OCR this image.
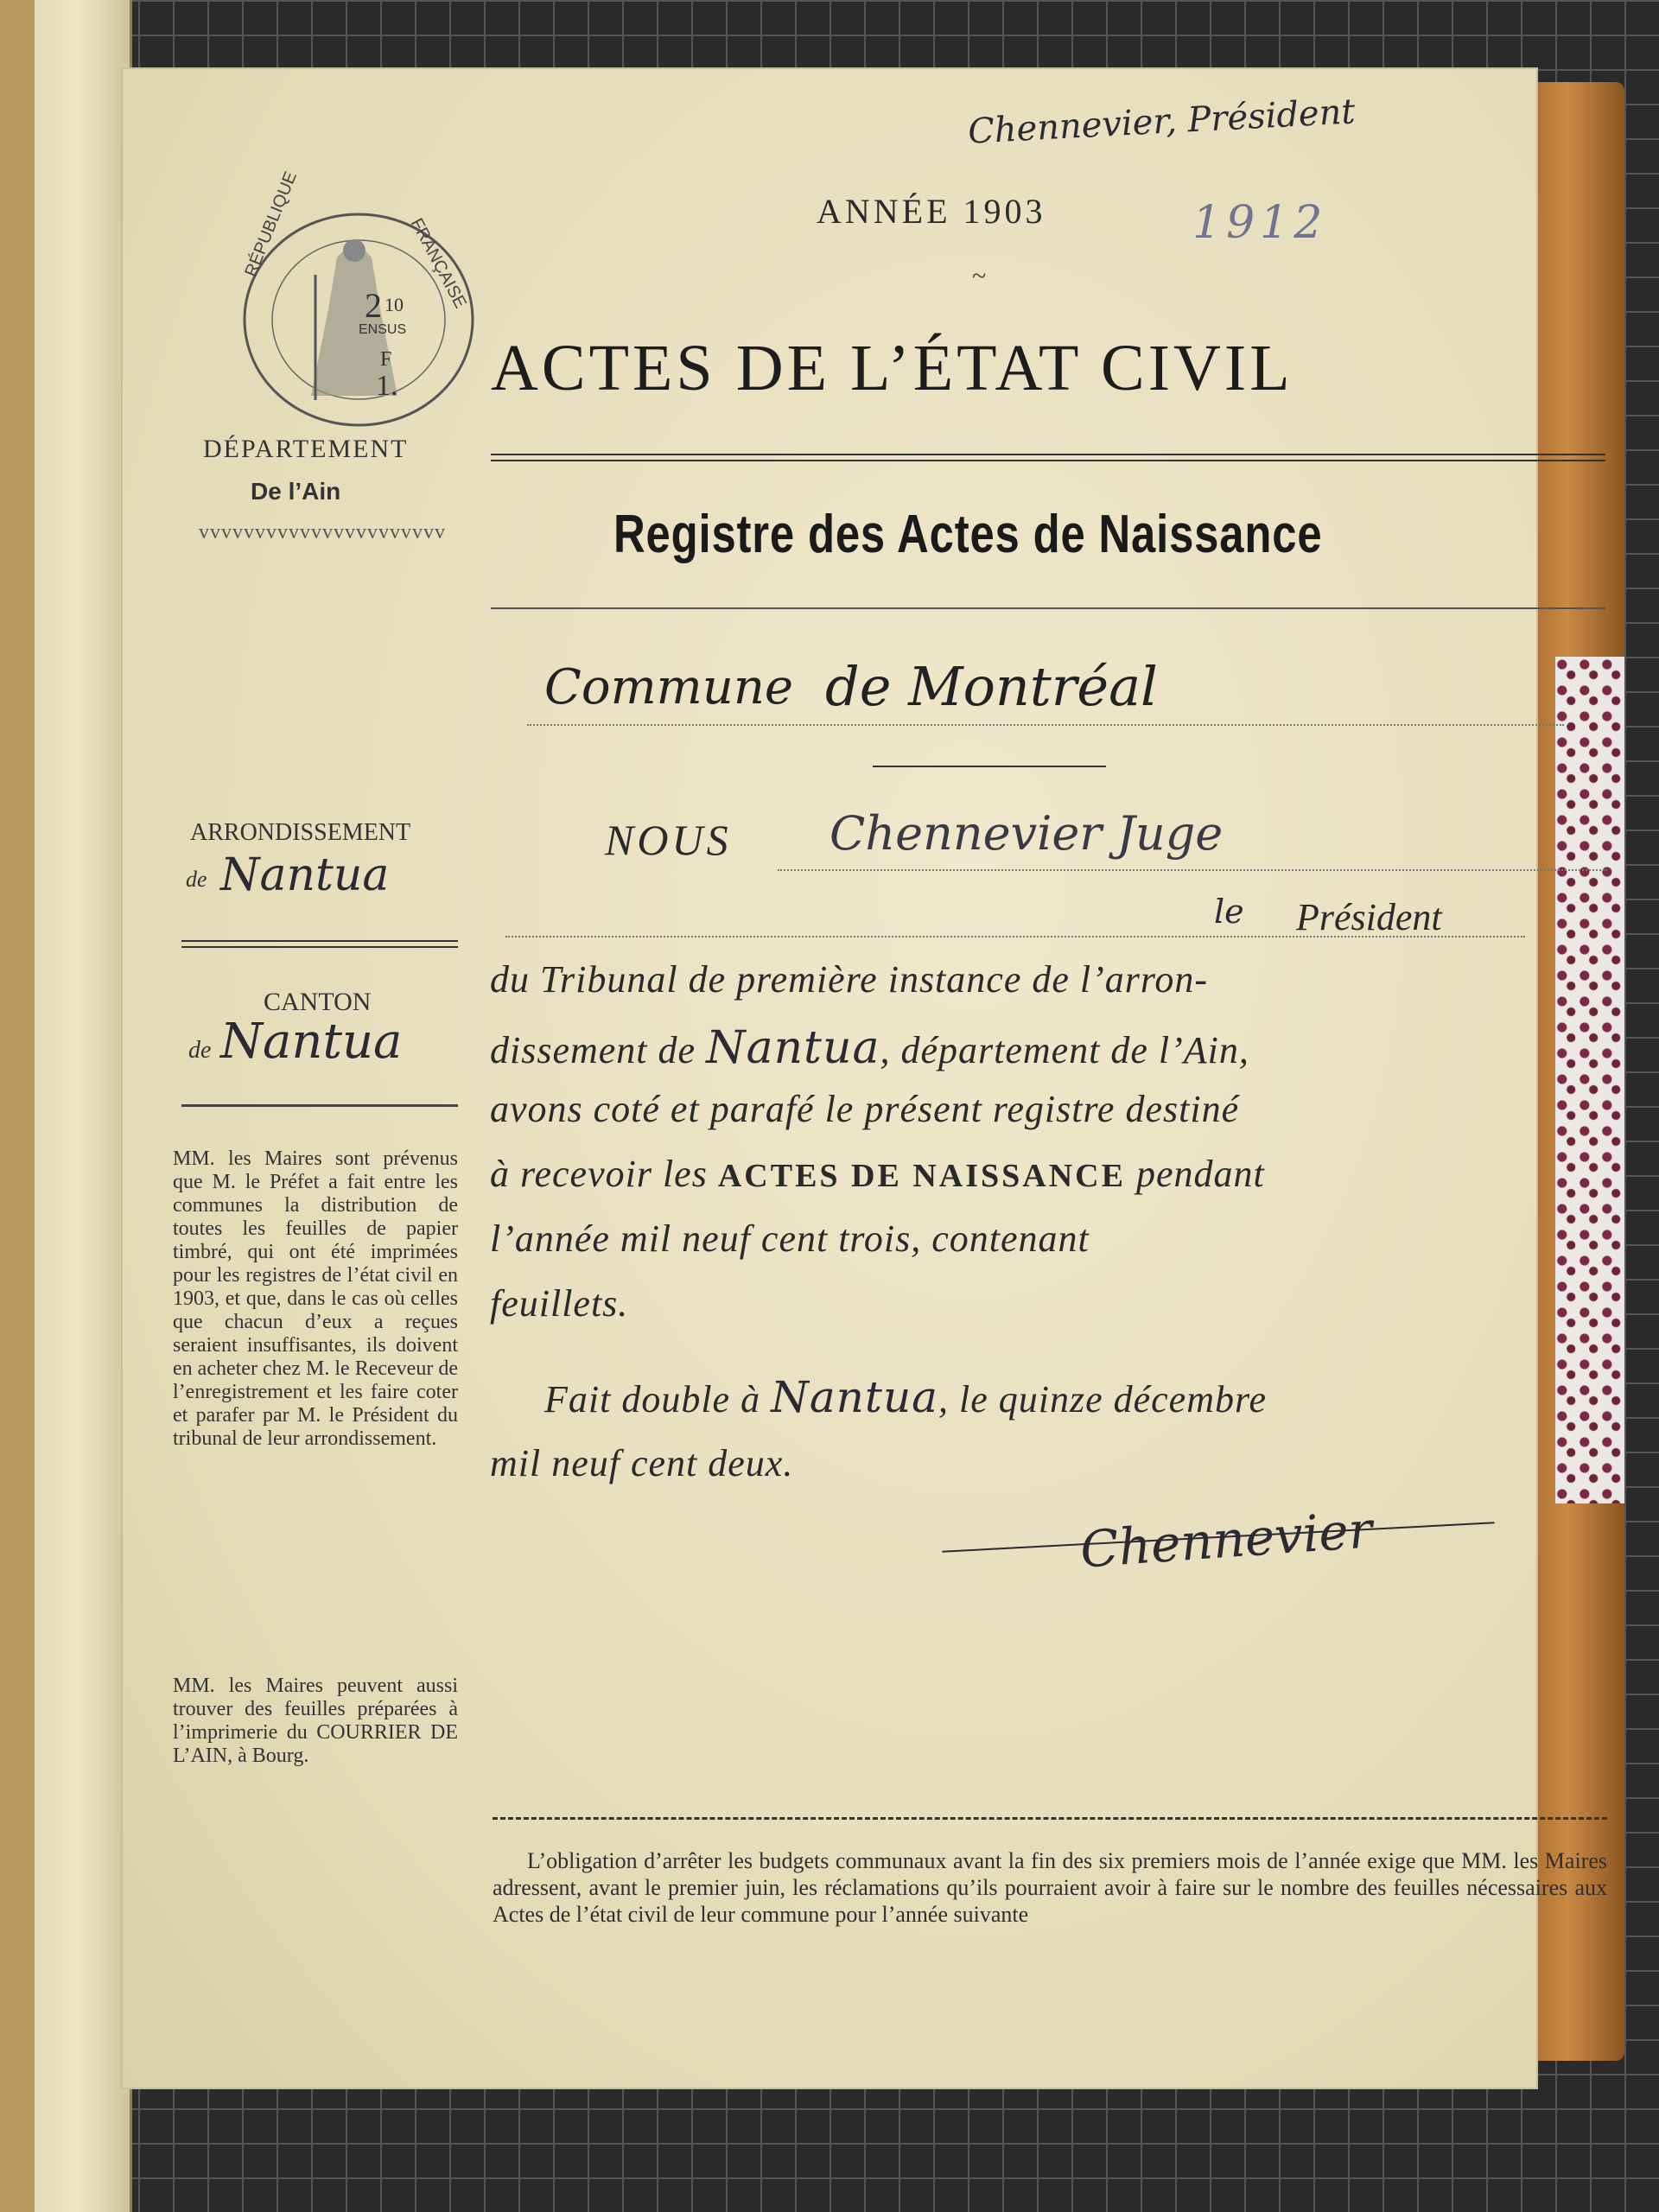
Chennevier, Président
1912
ANNÉE 1903
~
ACTES DE L’ÉTAT CIVIL
Registre des Actes de Naissance
RÉPUBLIQUE	FRANÇAISE
2 10
ENSUS
F
1.
DÉPARTEMENT
De l’Ain
vvvvvvvvvvvvvvvvvvvvvv
ARRONDISSEMENT
de Nantua
CANTON
de Nantua
MM. les Maires sont prévenus que M. le Préfet a fait entre les communes la distribution de toutes les feuilles de papier timbré, qui ont été imprimées pour les registres de l’état civil en 1903, et que, dans le cas où celles que chacun d’eux a reçues seraient insuffisantes, ils doivent en acheter chez M. le Receveur de l’enregistrement et les faire coter et parafer par M. le Président du tribunal de leur arrondissement.
MM. les Maires peuvent aussi trouver des feuilles préparées à l’imprimerie du COURRIER DE L’AIN, à Bourg.
Commune de Montréal
NOUS Chennevier Juge
le Président
du Tribunal de première instance de l’arron-
dissement de Nantua, département de l’Ain,
avons coté et parafé le présent registre destiné
à recevoir les ACTES DE NAISSANCE pendant
l’année mil neuf cent trois, contenant
feuillets.
Fait double à Nantua, le quinze décembre
mil neuf cent deux.
Chennevier
L’obligation d’arrêter les budgets communaux avant la fin des six premiers mois de l’année exige que MM. les Maires adressent, avant le premier juin, les réclamations qu’ils pourraient avoir à faire sur le nombre des feuilles nécessaires aux Actes de l’état civil de leur commune pour l’année suivante
